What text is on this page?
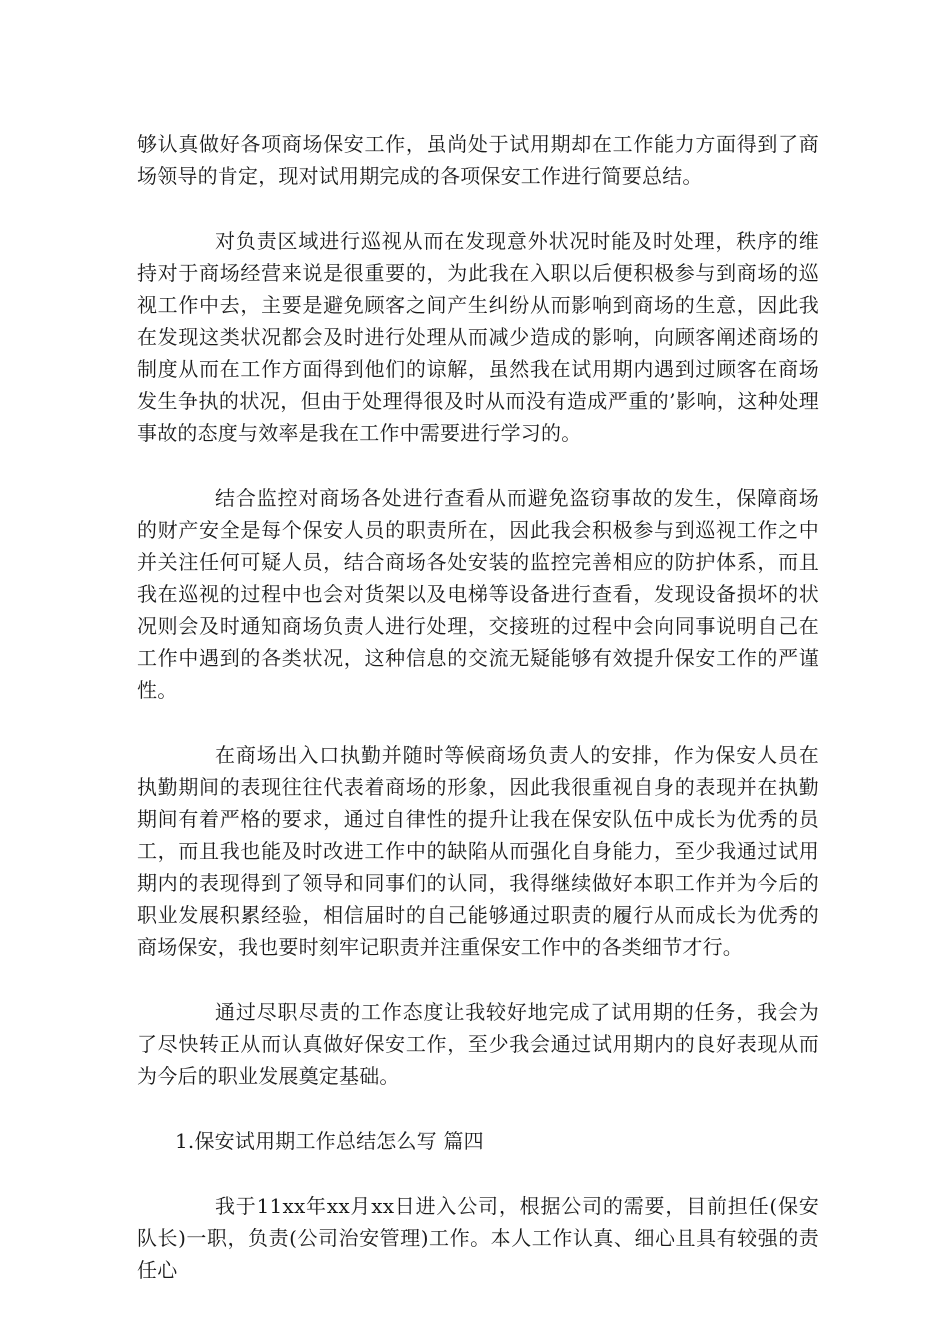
够认真做好各项商场保安工作，虽尚处于试用期却在工作能力方面得到了商场领导的肯定，现对试用期完成的各项保安工作进行简要总结。

对负责区域进行巡视从而在发现意外状况时能及时处理，秩序的维持对于商场经营来说是很重要的，为此我在入职以后便积极参与到商场的巡视工作中去，主要是避免顾客之间产生纠纷从而影响到商场的生意，因此我在发现这类状况都会及时进行处理从而减少造成的影响，向顾客阐述商场的制度从而在工作方面得到他们的谅解，虽然我在试用期内遇到过顾客在商场发生争执的状况，但由于处理得很及时从而没有造成严重的’影响，这种处理事故的态度与效率是我在工作中需要进行学习的。

结合监控对商场各处进行查看从而避免盗窃事故的发生，保障商场的财产安全是每个保安人员的职责所在，因此我会积极参与到巡视工作之中并关注任何可疑人员，结合商场各处安装的监控完善相应的防护体系，而且我在巡视的过程中也会对货架以及电梯等设备进行查看，发现设备损坏的状况则会及时通知商场负责人进行处理，交接班的过程中会向同事说明自己在工作中遇到的各类状况，这种信息的交流无疑能够有效提升保安工作的严谨性。

在商场出入口执勤并随时等候商场负责人的安排，作为保安人员在执勤期间的表现往往代表着商场的形象，因此我很重视自身的表现并在执勤期间有着严格的要求，通过自律性的提升让我在保安队伍中成长为优秀的员工，而且我也能及时改进工作中的缺陷从而强化自身能力，至少我通过试用期内的表现得到了领导和同事们的认同，我得继续做好本职工作并为今后的职业发展积累经验，相信届时的自己能够通过职责的履行从而成长为优秀的商场保安，我也要时刻牢记职责并注重保安工作中的各类细节才行。

通过尽职尽责的工作态度让我较好地完成了试用期的任务，我会为了尽快转正从而认真做好保安工作，至少我会通过试用期内的良好表现从而为今后的职业发展奠定基础。

1.保安试用期工作总结怎么写 篇四

我于11xx年xx月xx日进入公司，根据公司的需要，目前担任(保安队长)一职，负责(公司治安管理)工作。本人工作认真、细心且具有较强的责任心
